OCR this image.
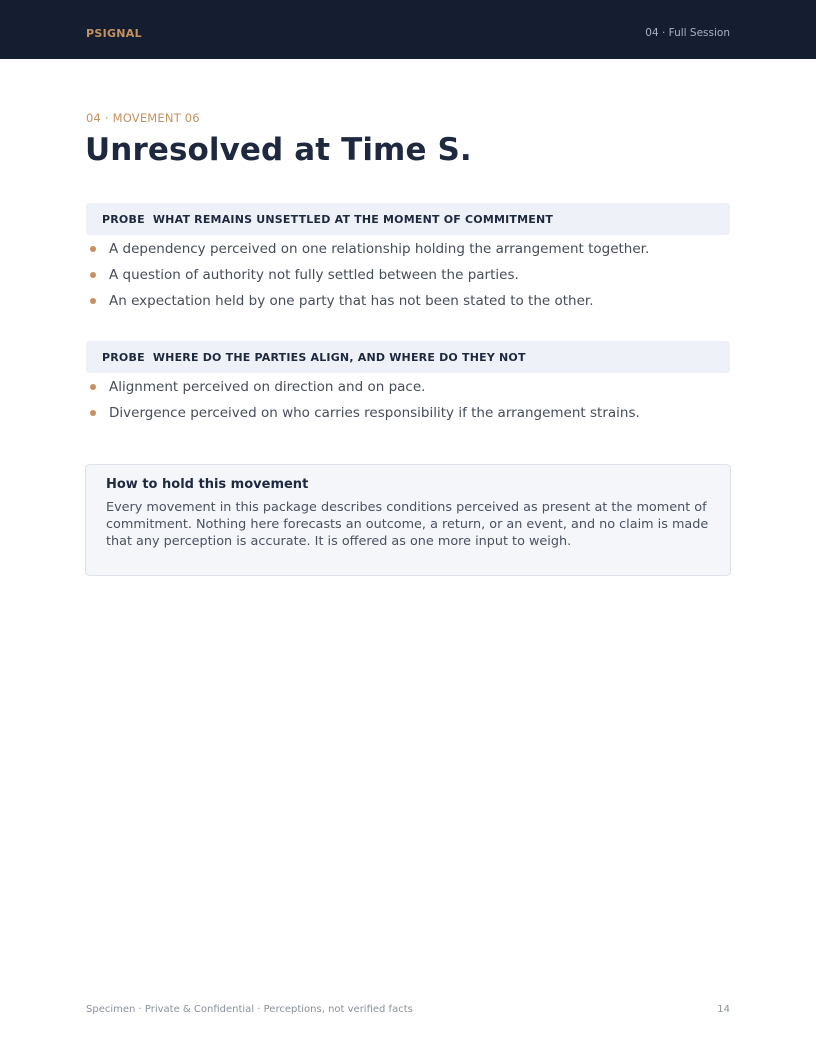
PSIGNAL	04 · Full Session
04 · MOVEMENT 06
Unresolved at Time S.
PROBE  WHAT REMAINS UNSETTLED AT THE MOMENT OF COMMITMENT
A dependency perceived on one relationship holding the arrangement together.
A question of authority not fully settled between the parties.
An expectation held by one party that has not been stated to the other.
PROBE  WHERE DO THE PARTIES ALIGN, AND WHERE DO THEY NOT
Alignment perceived on direction and on pace.
Divergence perceived on who carries responsibility if the arrangement strains.

How to hold this movement

Every movement in this package describes conditions perceived as present at the moment of commitment. Nothing here forecasts an outcome, a return, or an event, and no claim is made that any perception is accurate. It is offered as one more input to weigh.

Specimen · Private & Confidential · Perceptions, not verified facts	14
